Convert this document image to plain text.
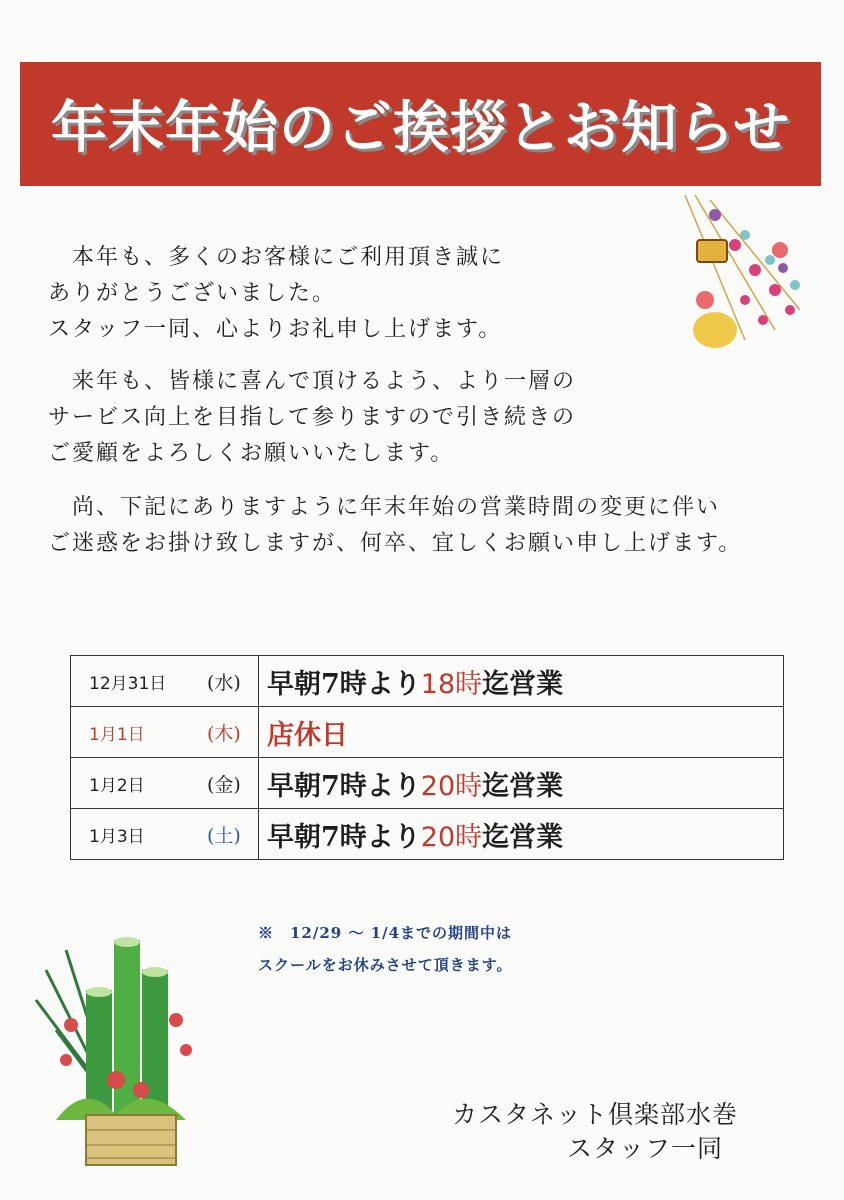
年末年始のご挨拶とお知らせ
　本年も、多くのお客様にご利用頂き誠に
ありがとうございました。
スタッフ一同、心よりお礼申し上げます。
　来年も、皆様に喜んで頂けるよう、より一層の
サービス向上を目指して参りますので引き続きの
ご愛顧をよろしくお願いいたします。
　尚、下記にありますように年末年始の営業時間の変更に伴い
ご迷惑をお掛け致しますが、何卒、宜しくお願い申し上げます。
12月31日 (水)	早朝7時より18時迄営業
1月1日 (木)	店休日
1月2日 (金)	早朝7時より20時迄営業
1月3日 (土)	早朝7時より20時迄営業
※　12/29 ～ 1/4までの期間中は
スクールをお休みさせて頂きます。
カスタネット倶楽部水巻
スタッフ一同
